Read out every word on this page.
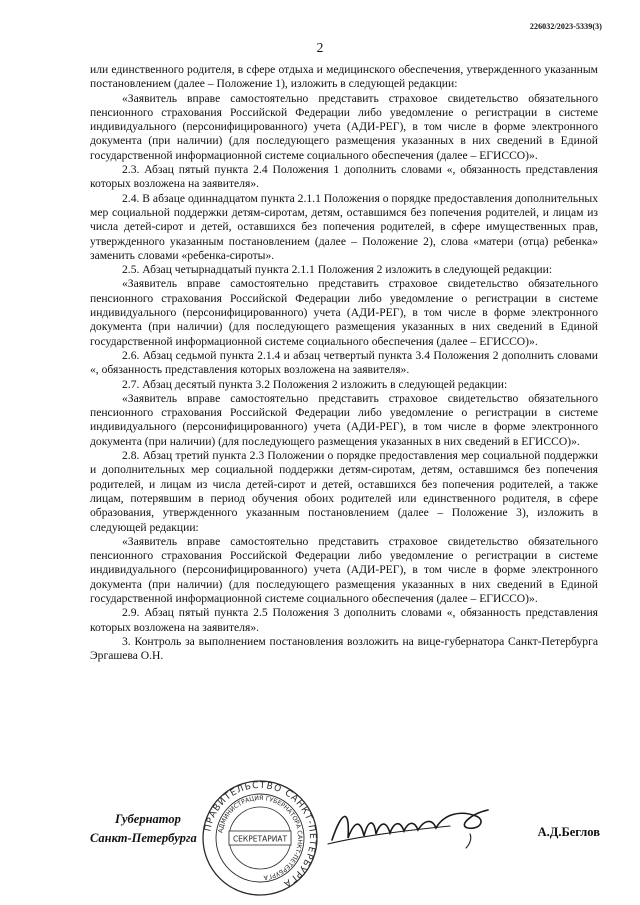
226032/2023-5339(3)
2

или единственного родителя, в сфере отдыха и медицинского обеспечения, утвержденного указанным постановлением (далее – Положение 1), изложить в следующей редакции:

«Заявитель вправе самостоятельно представить страховое свидетельство обязательного пенсионного страхования Российской Федерации либо уведомление о регистрации в системе индивидуального (персонифицированного) учета (АДИ-РЕГ), в том числе в форме электронного документа (при наличии) (для последующего размещения указанных в них сведений в Единой государственной информационной системе социального обеспечения (далее – ЕГИССО)».

2.3. Абзац пятый пункта 2.4 Положения 1 дополнить словами «, обязанность представления которых возложена на заявителя».

2.4. В абзаце одиннадцатом пункта 2.1.1 Положения о порядке предоставления дополнительных мер социальной поддержки детям-сиротам, детям, оставшимся без попечения родителей, и лицам из числа детей-сирот и детей, оставшихся без попечения родителей, в сфере имущественных прав, утвержденного указанным постановлением (далее – Положение 2), слова «матери (отца) ребенка» заменить словами «ребенка-сироты».

2.5. Абзац четырнадцатый пункта 2.1.1 Положения 2 изложить в следующей редакции:

«Заявитель вправе самостоятельно представить страховое свидетельство обязательного пенсионного страхования Российской Федерации либо уведомление о регистрации в системе индивидуального (персонифицированного) учета (АДИ-РЕГ), в том числе в форме электронного документа (при наличии) (для последующего размещения указанных в них сведений в Единой государственной информационной системе социального обеспечения (далее – ЕГИССО)».

2.6. Абзац седьмой пункта 2.1.4 и абзац четвертый пункта 3.4 Положения 2 дополнить словами «, обязанность представления которых возложена на заявителя».

2.7. Абзац десятый пункта 3.2 Положения 2 изложить в следующей редакции:

«Заявитель вправе самостоятельно представить страховое свидетельство обязательного пенсионного страхования Российской Федерации либо уведомление о регистрации в системе индивидуального (персонифицированного) учета (АДИ-РЕГ), в том числе в форме электронного документа (при наличии) (для последующего размещения указанных в них сведений в ЕГИССО)».

2.8. Абзац третий пункта 2.3 Положении о порядке предоставления мер социальной поддержки и дополнительных мер социальной поддержки детям-сиротам, детям, оставшимся без попечения родителей, и лицам из числа детей-сирот и детей, оставшихся без попечения родителей, а также лицам, потерявшим в период обучения обоих родителей или единственного родителя, в сфере образования, утвержденного указанным постановлением (далее – Положение 3), изложить в следующей редакции:

«Заявитель вправе самостоятельно представить страховое свидетельство обязательного пенсионного страхования Российской Федерации либо уведомление о регистрации в системе индивидуального (персонифицированного) учета (АДИ-РЕГ), в том числе в форме электронного документа (при наличии) (для последующего размещения указанных в них сведений в Единой государственной информационной системе социального обеспечения (далее – ЕГИССО)».

2.9. Абзац пятый пункта 2.5 Положения 3 дополнить словами «, обязанность представления которых возложена на заявителя».

3. Контроль за выполнением постановления возложить на вице-губернатора Санкт-Петербурга Эргашева О.Н.

Губернатор
Санкт-Петербурга
ПРАВИТЕЛЬСТВО САНКТ-ПЕТЕРБУРГА
АДМИНИСТРАЦИЯ ГУБЕРНАТОРА САНКТ-ПЕТЕРБУРГА
СЕКРЕТАРИАТ	А.Д.Беглов
